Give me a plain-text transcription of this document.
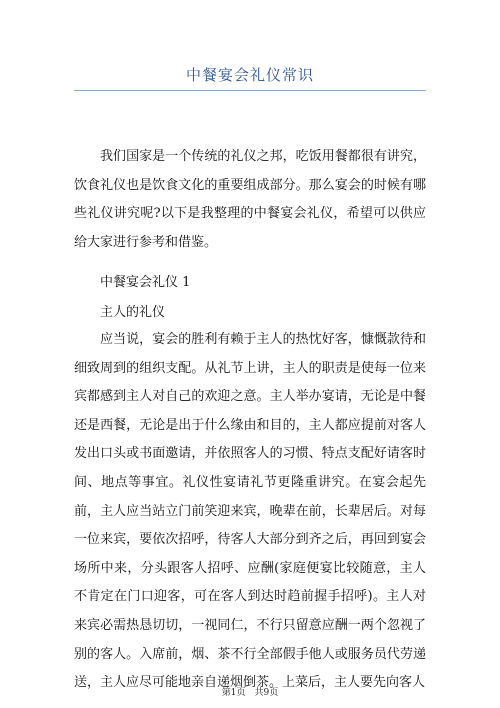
中餐宴会礼仪常识

我们国家是一个传统的礼仪之邦，吃饭用餐都很有讲究，饮食礼仪也是饮食文化的重要组成部分。那么宴会的时候有哪些礼仪讲究呢?以下是我整理的中餐宴会礼仪，希望可以供应给大家进行参考和借鉴。

中餐宴会礼仪 1
主人的礼仪

应当说，宴会的胜利有赖于主人的热忱好客，慷慨款待和细致周到的组织支配。从礼节上讲，主人的职责是使每一位来宾都感到主人对自己的欢迎之意。主人举办宴请，无论是中餐还是西餐，无论是出于什么缘由和目的，主人都应提前对客人发出口头或书面邀请，并依照客人的习惯、特点支配好请客时间、地点等事宜。礼仪性宴请礼节更隆重讲究。在宴会起先前，主人应当站立门前笑迎来宾，晚辈在前，长辈居后。对每一位来宾，要依次招呼，待客人大部分到齐之后，再回到宴会场所中来，分头跟客人招呼、应酬(家庭便宴比较随意，主人不肯定在门口迎客，可在客人到达时趋前握手招呼)。主人对来宾必需热恳切切，一视同仁，不行只留意应酬一两个忽视了别的客人。入席前，烟、茶不行全部假手他人或服务员代劳递送，主人应尽可能地亲自递烟倒茶。上菜后，主人要先向客人

第1页　共9页
